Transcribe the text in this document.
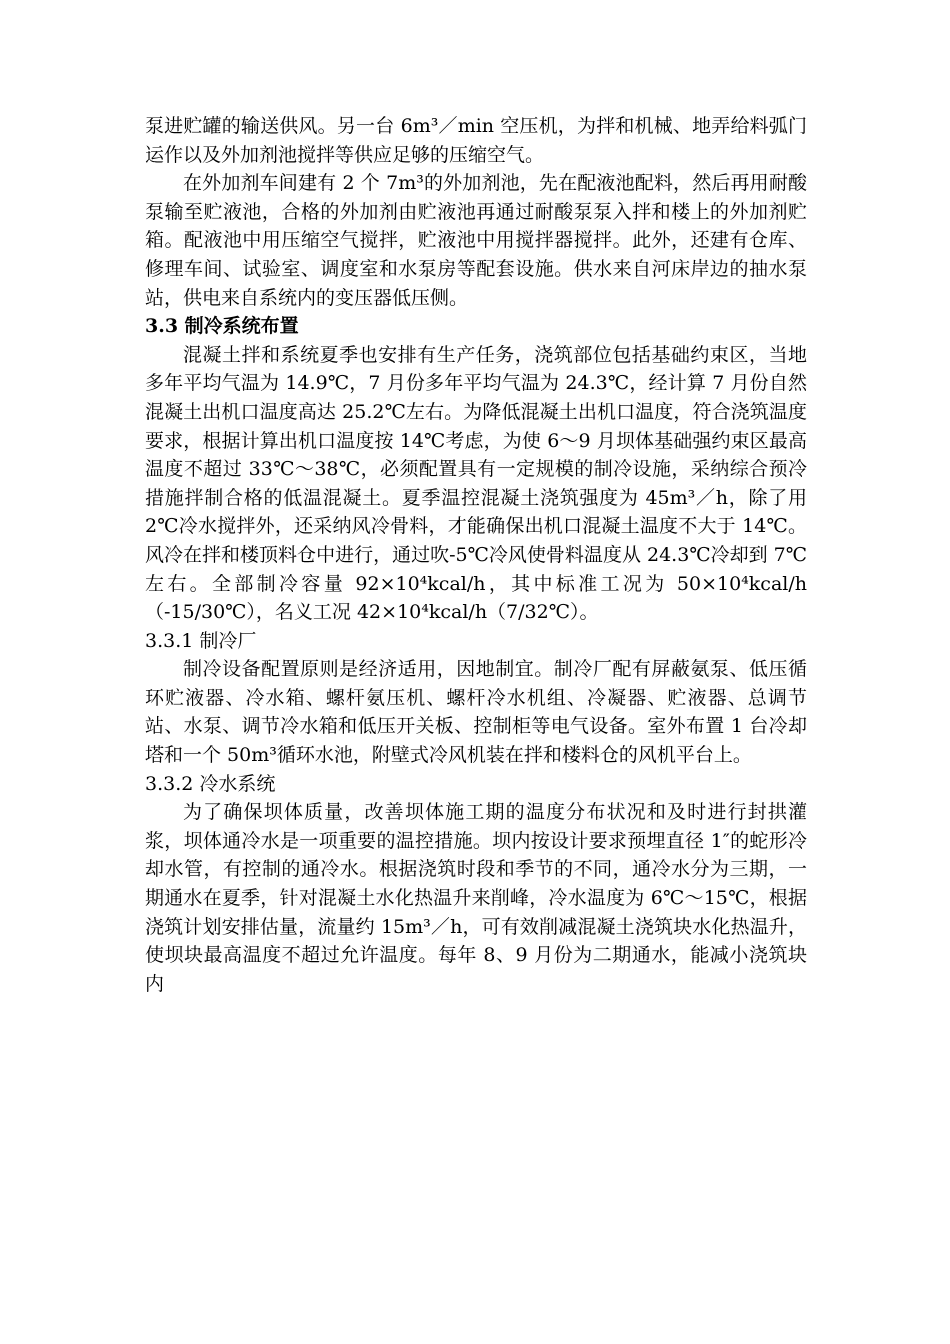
泵进贮罐的输送供风。另一台 6m³／min 空压机，为拌和机械、地弄给料弧门运作以及外加剂池搅拌等供应足够的压缩空气。

在外加剂车间建有 2 个 7m³的外加剂池，先在配液池配料，然后再用耐酸泵输至贮液池，合格的外加剂由贮液池再通过耐酸泵泵入拌和楼上的外加剂贮箱。配液池中用压缩空气搅拌，贮液池中用搅拌器搅拌。此外，还建有仓库、修理车间、试验室、调度室和水泵房等配套设施。供水来自河床岸边的抽水泵站，供电来自系统内的变压器低压侧。

3.3 制冷系统布置

混凝土拌和系统夏季也安排有生产任务，浇筑部位包括基础约束区，当地多年平均气温为 14.9℃，7 月份多年平均气温为 24.3℃，经计算 7 月份自然混凝土出机口温度高达 25.2℃左右。为降低混凝土出机口温度，符合浇筑温度要求，根据计算出机口温度按 14℃考虑，为使 6～9 月坝体基础强约束区最高温度不超过 33℃～38℃，必须配置具有一定规模的制冷设施，采纳综合预冷措施拌制合格的低温混凝土。夏季温控混凝土浇筑强度为 45m³／h，除了用 2℃冷水搅拌外，还采纳风冷骨料，才能确保出机口混凝土温度不大于 14℃。风冷在拌和楼顶料仓中进行，通过吹-5℃冷风使骨料温度从 24.3℃冷却到 7℃左右。全部制冷容量 92×10⁴kcal/h，其中标准工况为 50×10⁴kcal/h（-15/30℃），名义工况 42×10⁴kcal/h（7/32℃）。

3.3.1 制冷厂

制冷设备配置原则是经济适用，因地制宜。制冷厂配有屏蔽氨泵、低压循环贮液器、冷水箱、螺杆氨压机、螺杆冷水机组、冷凝器、贮液器、总调节站、水泵、调节冷水箱和低压开关板、控制柜等电气设备。室外布置 1 台冷却塔和一个 50m³循环水池，附壁式冷风机装在拌和楼料仓的风机平台上。

3.3.2 冷水系统

为了确保坝体质量，改善坝体施工期的温度分布状况和及时进行封拱灌浆，坝体通冷水是一项重要的温控措施。坝内按设计要求预埋直径 1″的蛇形冷却水管，有控制的通冷水。根据浇筑时段和季节的不同，通冷水分为三期，一期通水在夏季，针对混凝土水化热温升来削峰，冷水温度为 6℃～15℃，根据浇筑计划安排估量，流量约 15m³／h，可有效削减混凝土浇筑块水化热温升，使坝块最高温度不超过允许温度。每年 8、9 月份为二期通水，能减小浇筑块内
